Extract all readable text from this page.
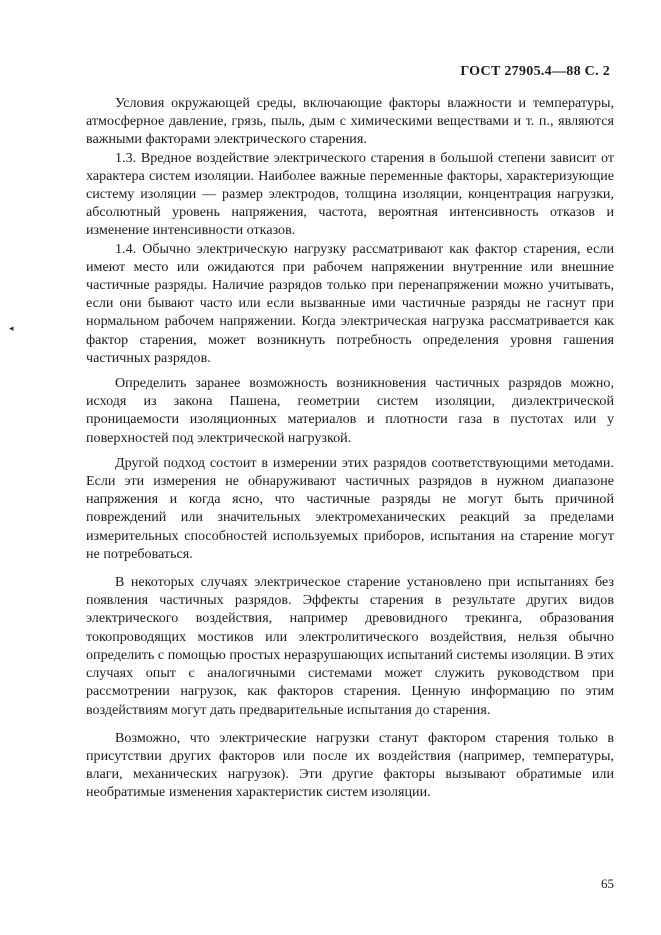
ГОСТ 27905.4—88 С. 2
◂

Условия окружающей среды, включающие факторы влажности и температуры, атмосферное давление, грязь, пыль, дым с химическими веществами и т. п., являются важными факторами электрического старения.

1.3. Вредное воздействие электрического старения в большой степени зависит от характера систем изоляции. Наиболее важные переменные факторы, характеризующие систему изоляции — размер электродов, толщина изоляции, концентрация нагрузки, абсолютный уровень напряжения, частота, вероятная интенсивность отказов и изменение интенсивности отказов.

1.4. Обычно электрическую нагрузку рассматривают как фактор старения, если имеют место или ожидаются при рабочем напряжении внутренние или внешние частичные разряды. Наличие разрядов только при перенапряжении можно учитывать, если они бывают часто или если вызванные ими частичные разряды не гаснут при нормальном рабочем напряжении. Когда электрическая нагрузка рассматривается как фактор старения, может возникнуть потребность определения уровня гашения частичных разрядов.

Определить заранее возможность возникновения частичных разрядов можно, исходя из закона Пашена, геометрии систем изоляции, диэлектрической проницаемости изоляционных материалов и плотности газа в пустотах или у поверхностей под электрической нагрузкой.

Другой подход состоит в измерении этих разрядов соответствующими методами. Если эти измерения не обнаруживают частичных разрядов в нужном диапазоне напряжения и когда ясно, что частичные разряды не могут быть причиной повреждений или значительных электромеханических реакций за пределами измерительных способностей используемых приборов, испытания на старение могут не потребоваться.

В некоторых случаях электрическое старение установлено при испытаниях без появления частичных разрядов. Эффекты старения в результате других видов электрического воздействия, например древовидного трекинга, образования токопроводящих мостиков или электролитического воздействия, нельзя обычно определить с помощью простых неразрушающих испытаний системы изоляции. В этих случаях опыт с аналогичными системами может служить руководством при рассмотрении нагрузок, как факторов старения. Ценную информацию по этим воздействиям могут дать предварительные испытания до старения.

Возможно, что электрические нагрузки станут фактором старения только в присутствии других факторов или после их воздействия (например, температуры, влаги, механических нагрузок). Эти другие факторы вызывают обратимые или необратимые изменения характеристик систем изоляции.

65
